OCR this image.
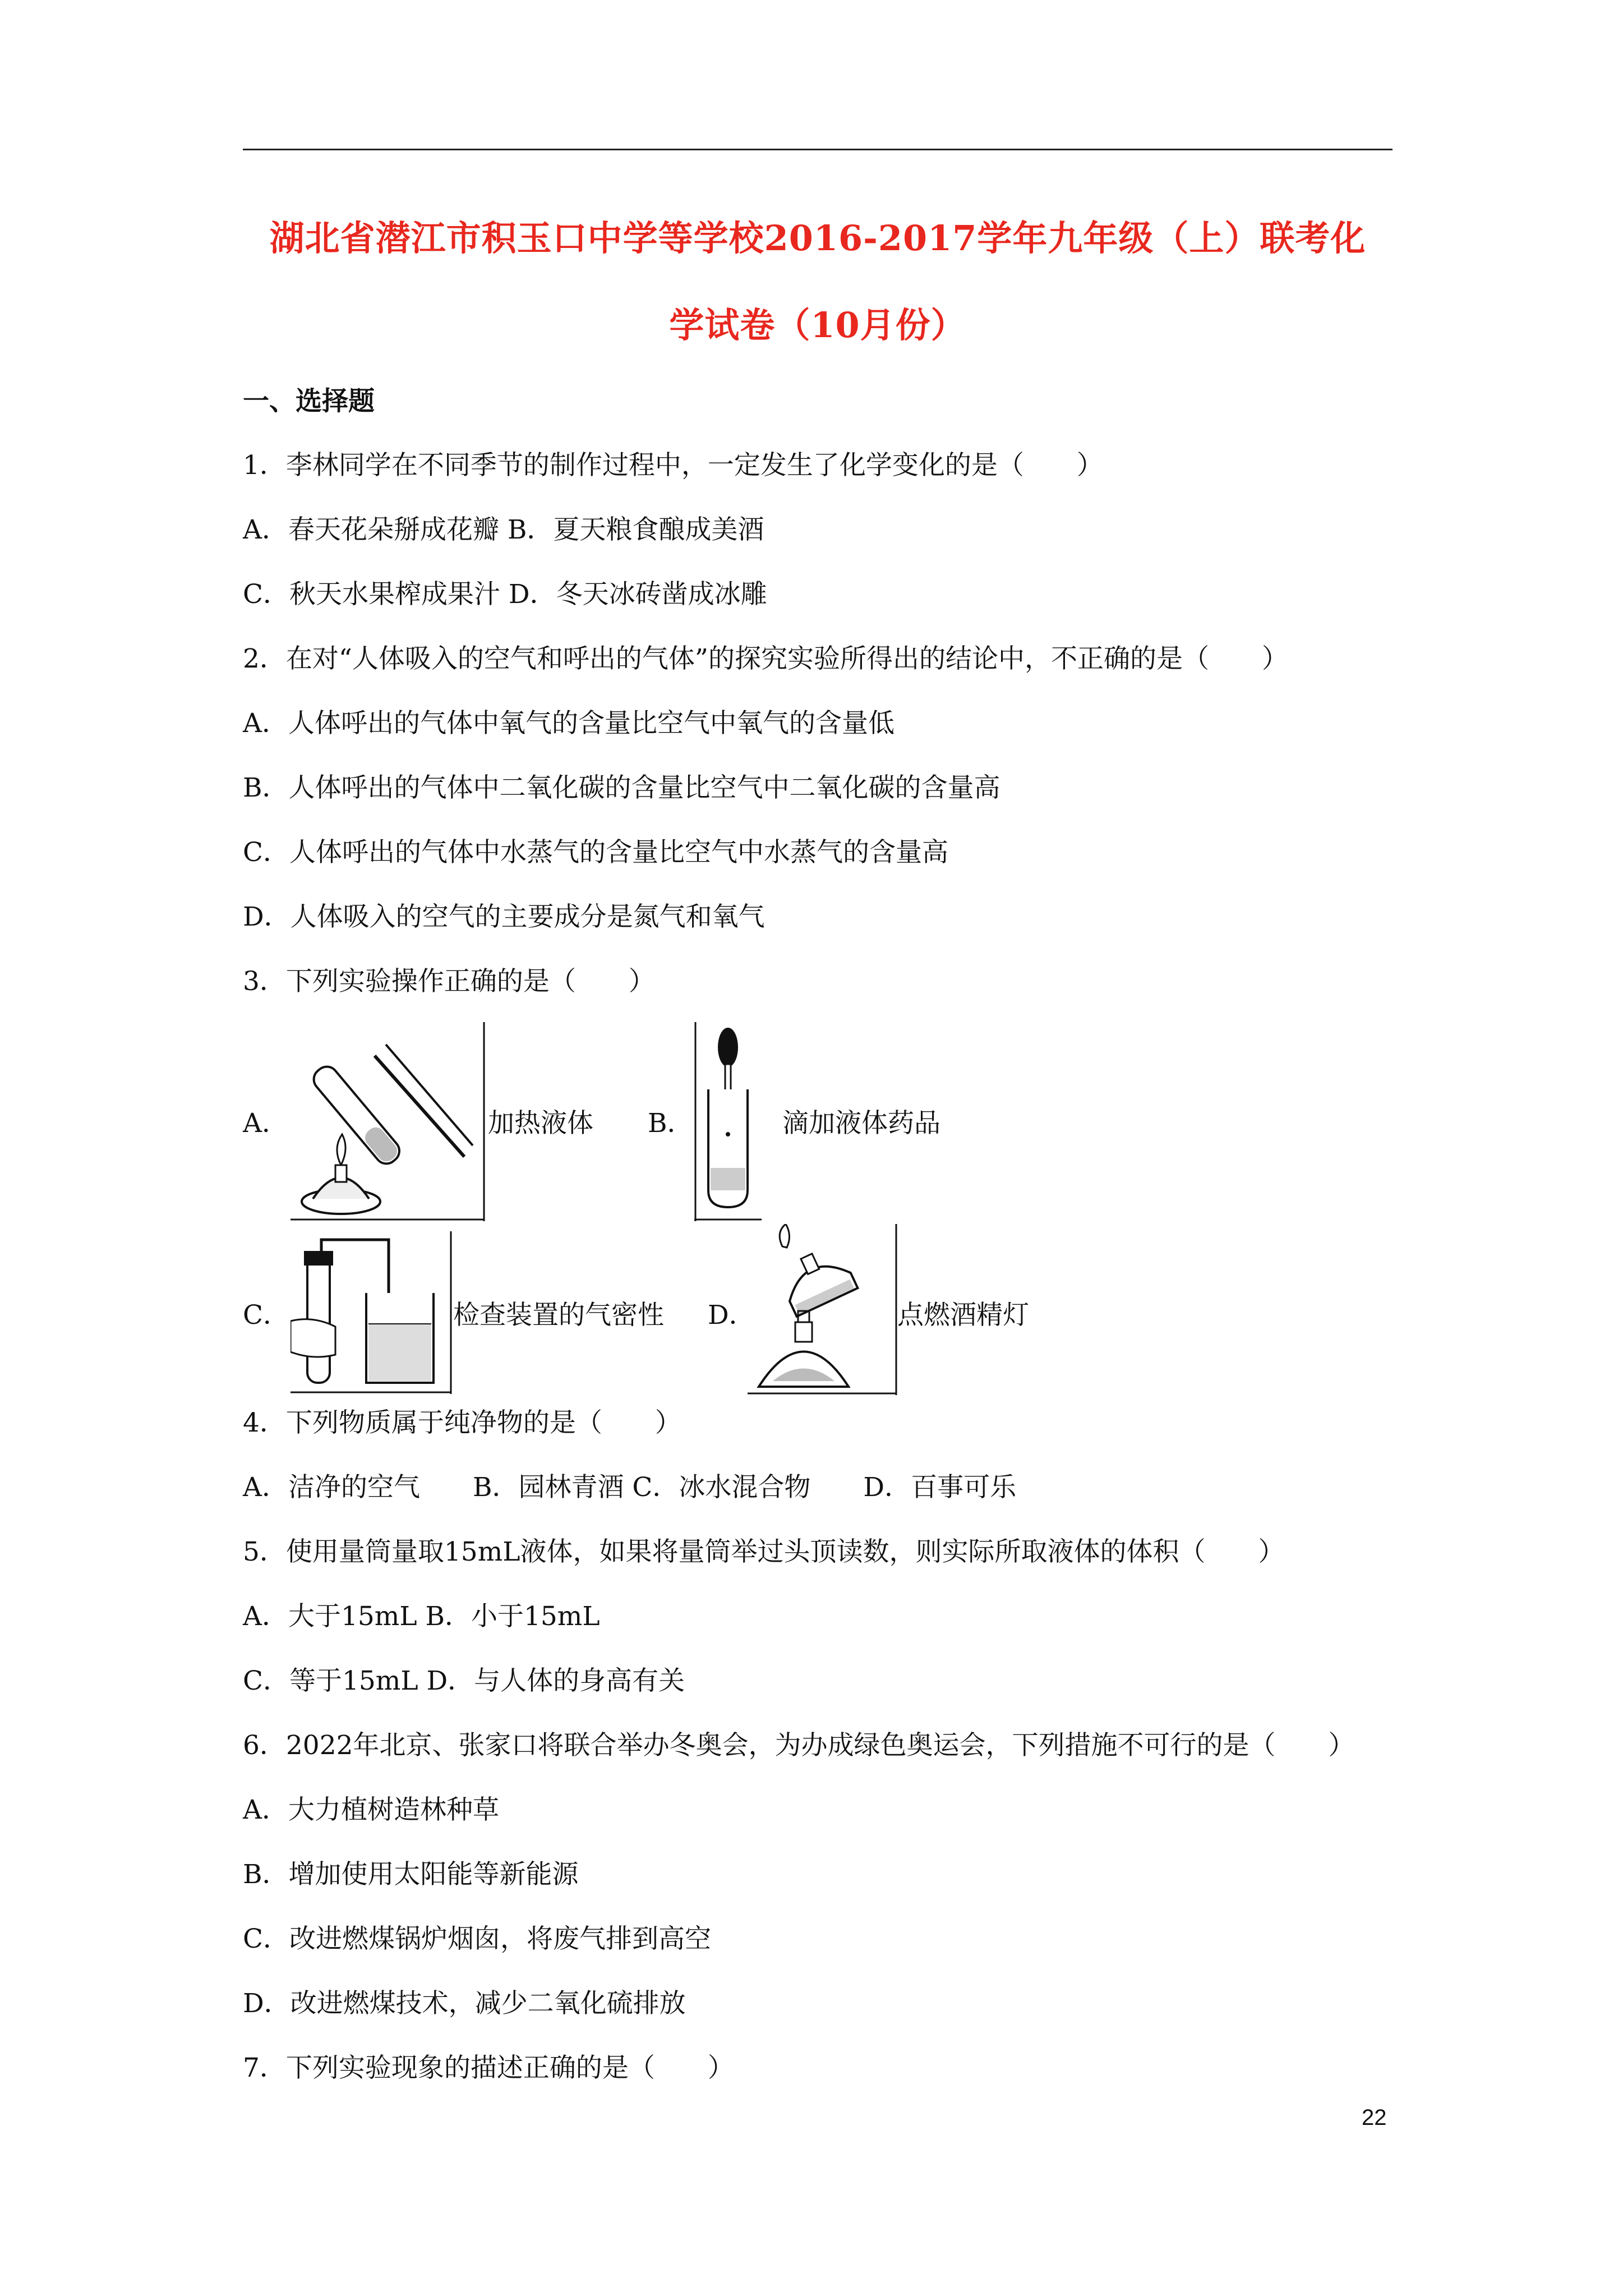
湖北省潜江市积玉口中学等学校2016-2017学年九年级（上）联考化
学试卷（10月份）
一、选择题
1．李林同学在不同季节的制作过程中，一定发生了化学变化的是（　　）
A．春天花朵掰成花瓣 B．夏天粮食酿成美酒
C．秋天水果榨成果汁 D．冬天冰砖凿成冰雕
2．在对“人体吸入的空气和呼出的气体”的探究实验所得出的结论中，不正确的是（　　）
A．人体呼出的气体中氧气的含量比空气中氧气的含量低
B．人体呼出的气体中二氧化碳的含量比空气中二氧化碳的含量高
C．人体呼出的气体中水蒸气的含量比空气中水蒸气的含量高
D．人体吸入的空气的主要成分是氮气和氧气
3．下列实验操作正确的是（　　）
A．	加热液体 B．	滴加液体药品
C．	检查装置的气密性 D．	点燃酒精灯
4．下列物质属于纯净物的是（　　）
A．洁净的空气　　B．园林青酒 C．冰水混合物　　D．百事可乐
5．使用量筒量取15mL液体，如果将量筒举过头顶读数，则实际所取液体的体积（　　）
A．大于15mL B．小于15mL
C．等于15mL D．与人体的身高有关
6．2022年北京、张家口将联合举办冬奥会，为办成绿色奥运会，下列措施不可行的是（　　）
A．大力植树造林种草
B．增加使用太阳能等新能源
C．改进燃煤锅炉烟囱，将废气排到高空
D．改进燃煤技术，减少二氧化硫排放
7．下列实验现象的描述正确的是（　　）
22
